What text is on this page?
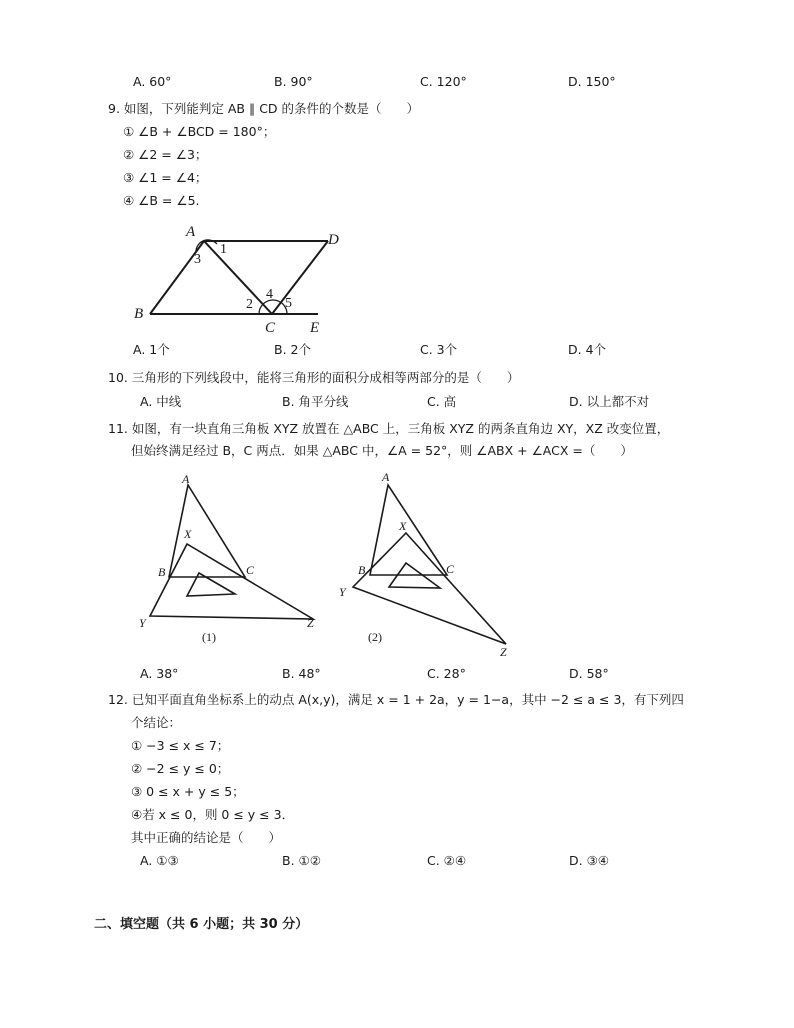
A. 60°	B. 90°	C. 120°	D. 150°
9. 如图，下列能判定 AB ∥ CD 的条件的个数是（　　）
① ∠B + ∠BCD = 180°；
② ∠2 = ∠3；
③ ∠1 = ∠4；
④ ∠B = ∠5.
A	D
B
C E
1
2
3
4
5
A. 1个	B. 2个	C. 3个	D. 4个
10. 三角形的下列线段中，能将三角形的面积分成相等两部分的是（　　）
A. 中线	B. 角平分线	C. 高	D. 以上都不对
11. 如图，有一块直角三角板 XYZ 放置在 △ABC 上，三角板 XYZ 的两条直角边 XY，XZ 改变位置，
但始终满足经过 B，C 两点．如果 △ABC 中，∠A = 52°，则 ∠ABX + ∠ACX =（　　）
A
X
B	C
Y	Z
(1)
A
X
B	C
Y
Z
(2)
A. 38°	B. 48°	C. 28°	D. 58°
12. 已知平面直角坐标系上的动点 A(x,y)，满足 x = 1 + 2a，y = 1−a，其中 −2 ≤ a ≤ 3，有下列四
个结论：
① −3 ≤ x ≤ 7；
② −2 ≤ y ≤ 0；
③ 0 ≤ x + y ≤ 5；
④若 x ≤ 0，则 0 ≤ y ≤ 3．
其中正确的结论是（　　）
A. ①③	B. ①②	C. ②④	D. ③④
二、填空题（共 6 小题；共 30 分）
